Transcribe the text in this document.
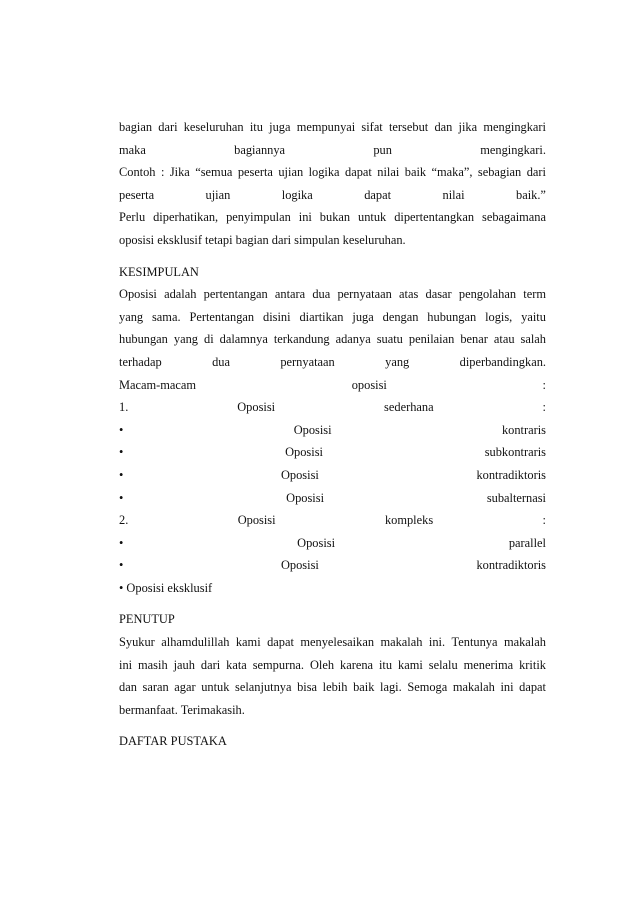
bagian dari keseluruhan itu juga mempunyai sifat tersebut dan jika mengingkari
maka	bagiannya	pun	mengingkari.
Contoh : Jika “semua peserta ujian logika dapat nilai baik “maka”, sebagian dari
peserta	ujian	logika	dapat	nilai	baik.”
Perlu diperhatikan, penyimpulan ini bukan untuk dipertentangkan sebagaimana
oposisi eksklusif tetapi bagian dari simpulan keseluruhan.
KESIMPULAN
Oposisi adalah pertentangan antara dua pernyataan atas dasar pengolahan term
yang sama. Pertentangan disini diartikan juga dengan hubungan logis, yaitu
hubungan yang di dalamnya terkandung adanya suatu penilaian benar atau salah
terhadap	dua	pernyataan	yang	diperbandingkan.
Macam-macam	oposisi	:
1.	Oposisi	sederhana	:
•	Oposisi	kontraris
•	Oposisi	subkontraris
•	Oposisi	kontradiktoris
•	Oposisi	subalternasi
2.	Oposisi	kompleks	:
•	Oposisi	parallel
•	Oposisi	kontradiktoris
• Oposisi eksklusif
PENUTUP
Syukur alhamdulillah kami dapat menyelesaikan makalah ini. Tentunya makalah
ini masih jauh dari kata sempurna. Oleh karena itu kami selalu menerima kritik
dan saran agar untuk selanjutnya bisa lebih baik lagi. Semoga makalah ini dapat
bermanfaat. Terimakasih.
DAFTAR PUSTAKA
